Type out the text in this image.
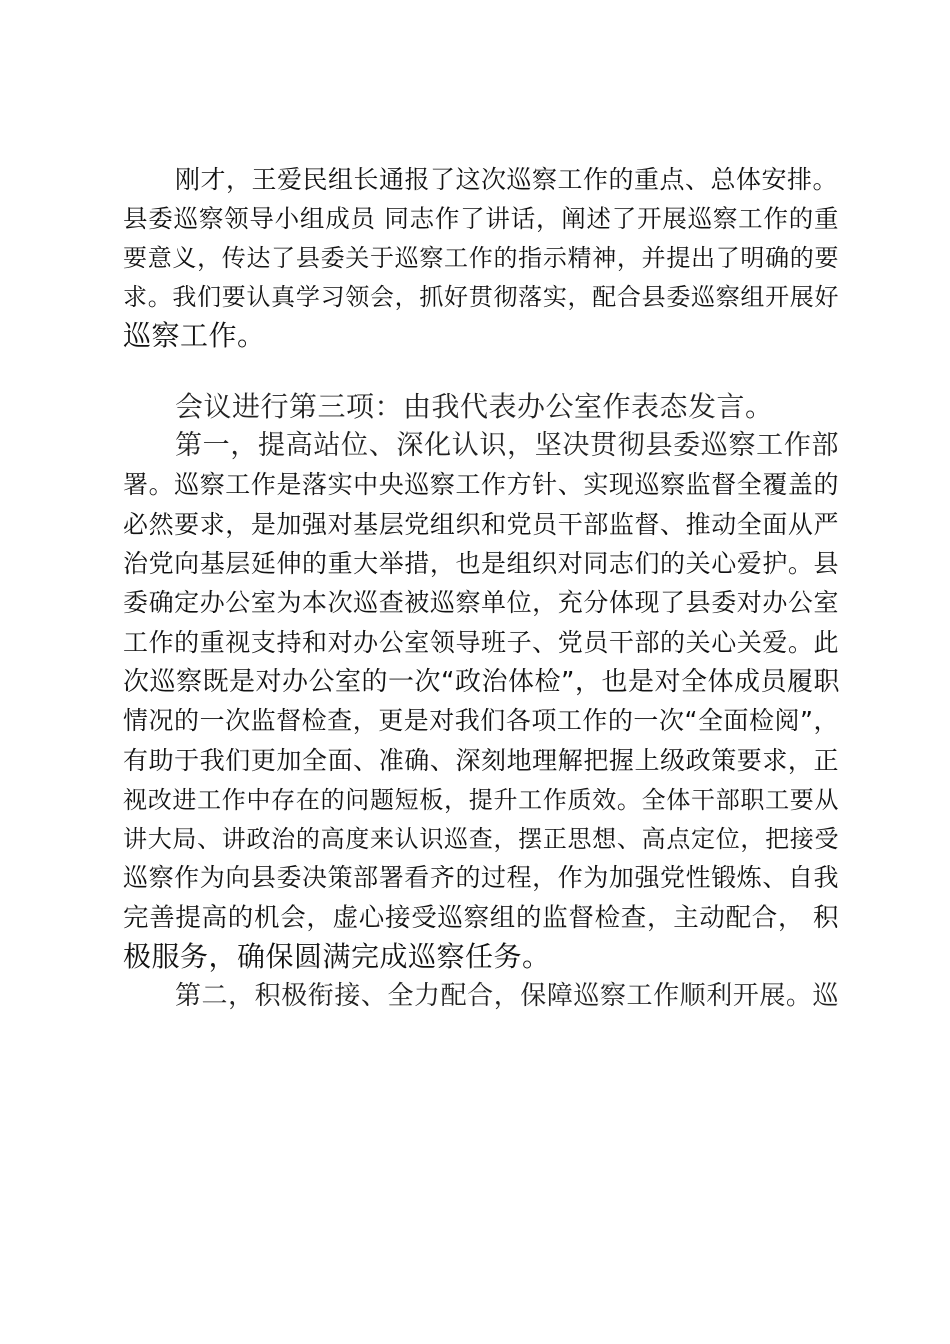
刚才，王爱民组长通报了这次巡察工作的重点、总体安排。
县委巡察领导小组成员 同志作了讲话，阐述了开展巡察工作的重
要意义，传达了县委关于巡察工作的指示精神，并提出了明确的要
求。我们要认真学习领会，抓好贯彻落实，配合县委巡察组开展好
巡察工作。
会议进行第三项：由我代表办公室作表态发言。
第一，提高站位、深化认识，坚决贯彻县委巡察工作部
署。巡察工作是落实中央巡察工作方针、实现巡察监督全覆盖的
必然要求，是加强对基层党组织和党员干部监督、推动全面从严
治党向基层延伸的重大举措，也是组织对同志们的关心爱护。县
委确定办公室为本次巡查被巡察单位，充分体现了县委对办公室
工作的重视支持和对办公室领导班子、党员干部的关心关爱。此
次巡察既是对办公室的一次“政治体检”，也是对全体成员履职
情况的一次监督检查，更是对我们各项工作的一次“全面检阅”，
有助于我们更加全面、准确、深刻地理解把握上级政策要求，正
视改进工作中存在的问题短板，提升工作质效。全体干部职工要从
讲大局、讲政治的高度来认识巡查，摆正思想、高点定位，把接受
巡察作为向县委决策部署看齐的过程，作为加强党性锻炼、自我
完善提高的机会，虚心接受巡察组的监督检查，主动配合， 积
极服务，确保圆满完成巡察任务。
第二，积极衔接、全力配合，保障巡察工作顺利开展。巡
